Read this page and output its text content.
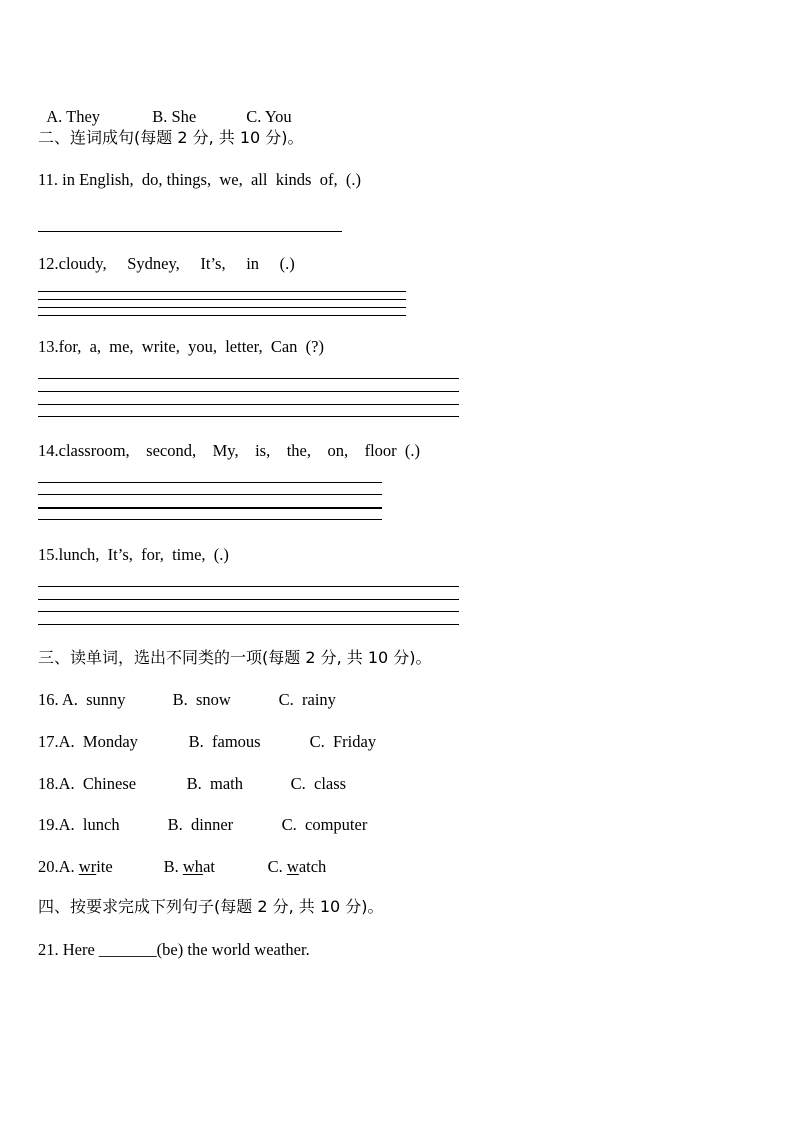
A. They	B. She	C. You

二、连词成句(每题 2 分, 共 10 分)。
11. in English,  do, things,  we,  all  kinds  of,  (.)
12.cloudy,     Sydney,     It’s,     in     (.)
13.for,  a,  me,  write,  you,  letter,  Can  (?)
14.classroom,    second,    My,    is,    the,    on,    floor  (.)
15.lunch,  It’s,  for,  time,  (.)
三、读单词，选出不同类的一项(每题 2 分, 共 10 分)。
16. A.  sunny	B.  snow	C.  rainy
17.A.  Monday	B.  famous	C.  Friday
18.A.  Chinese	B.  math	C.  class
19.A.  lunch	B.  dinner	C.  computer
20.A. write	B. what	C. watch
四、按要求完成下列句子(每题 2 分, 共 10 分)。
21. Here _______(be) the world weather.
